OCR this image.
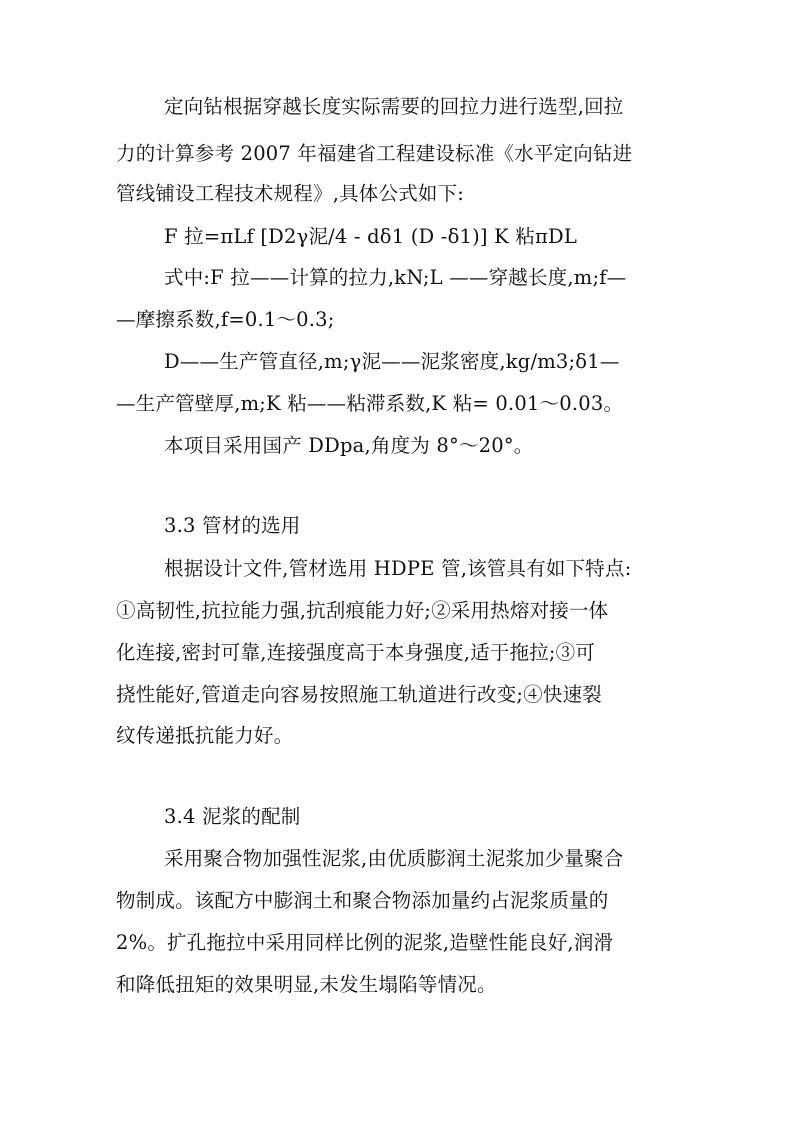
定向钻根据穿越长度实际需要的回拉力进行选型,回拉
力的计算参考 2007 年福建省工程建设标准《水平定向钻进
管线铺设工程技术规程》,具体公式如下:
F 拉=πLf [D2γ泥/4 - dδ1 (D -δ1)] K 粘πDL
式中:F 拉——计算的拉力,kN;L ——穿越长度,m;f—
—摩擦系数,f=0.1～0.3;
D——生产管直径,m;γ泥——泥浆密度,kg/m3;δ1—
—生产管壁厚,m;K 粘——粘滞系数,K 粘= 0.01～0.03。
本项目采用国产 DDpa,角度为 8°～20°。
3.3 管材的选用
根据设计文件,管材选用 HDPE 管,该管具有如下特点:
①高韧性,抗拉能力强,抗刮痕能力好;②采用热熔对接一体
化连接,密封可靠,连接强度高于本身强度,适于拖拉;③可
挠性能好,管道走向容易按照施工轨道进行改变;④快速裂
纹传递抵抗能力好。
3.4 泥浆的配制
采用聚合物加强性泥浆,由优质膨润土泥浆加少量聚合
物制成。该配方中膨润土和聚合物添加量约占泥浆质量的
2%。扩孔拖拉中采用同样比例的泥浆,造壁性能良好,润滑
和降低扭矩的效果明显,未发生塌陷等情况。
